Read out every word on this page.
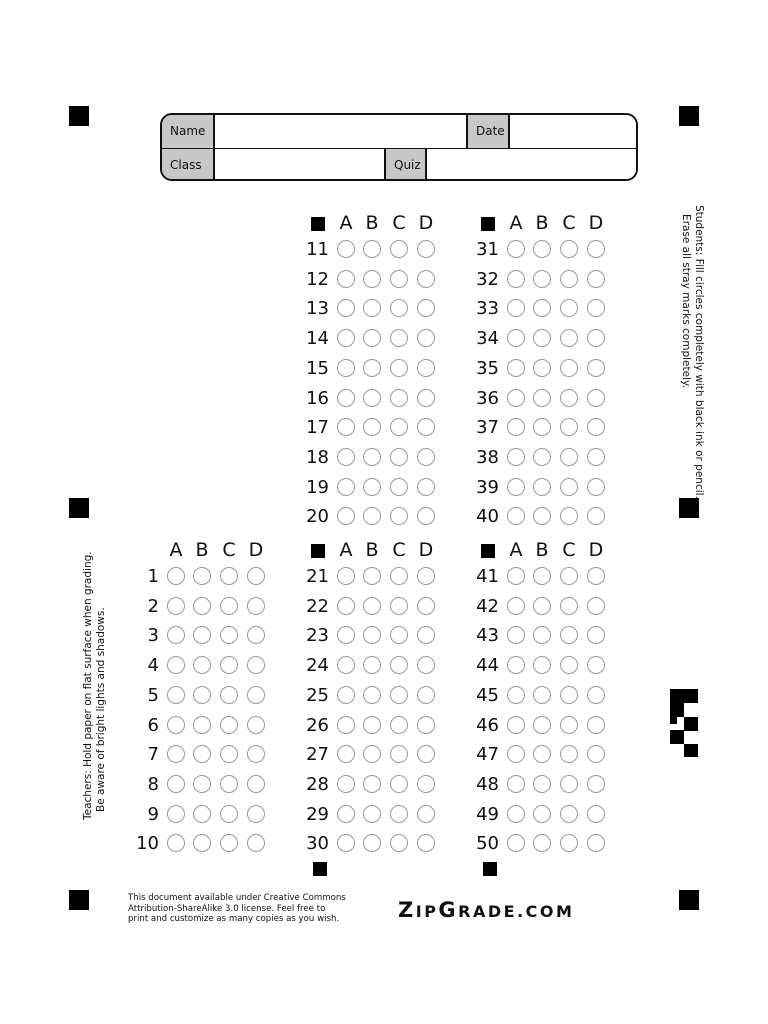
Name	Date
Class	Quiz
A B C D
1
2
3
4
5
6
7
8
9
10
A B C D
11
12
13
14
15
16
17
18
19
20
A B C D
21
22
23
24
25
26
27
28
29
30
A B C D
31
32
33
34
35
36
37
38
39
40
A B C D
41
42
43
44
45
46
47
48
49
50
Students: Fill circles completely with black ink or pencil.
Erase all stray marks completely.
Teachers: Hold paper on flat surface when grading. Be aware of bright lights and shadows.
This document available under Creative Commons
Attribution-ShareAlike 3.0 license. Feel free to
print and customize as many copies as you wish.	ZIPGRADE.COM
